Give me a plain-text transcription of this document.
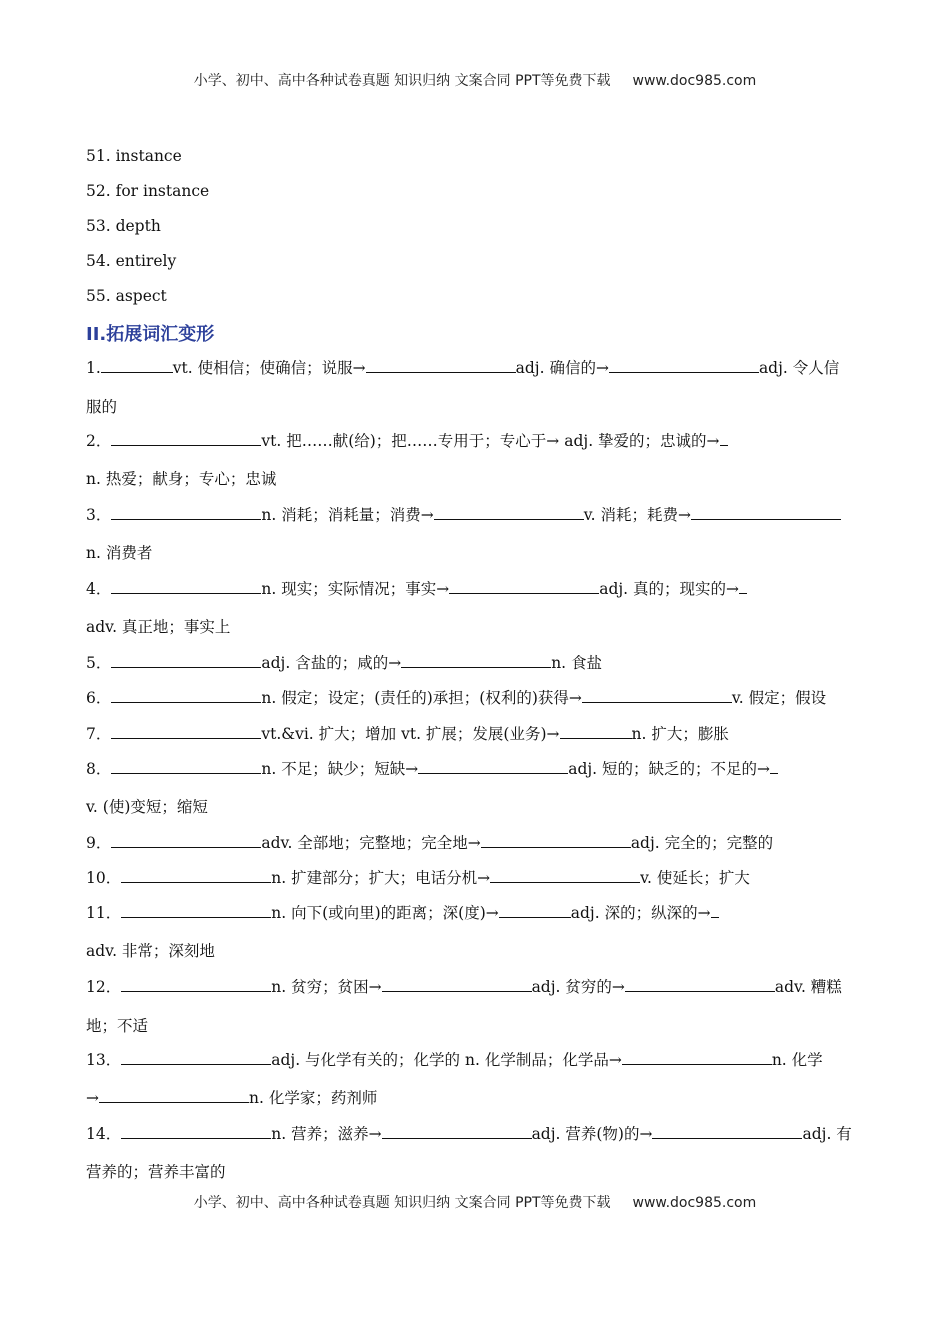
小学、初中、高中各种试卷真题 知识归纳 文案合同 PPT等免费下载 www.doc985.com
51. instance
52. for instance
53. depth
54. entirely
55. aspect
II.拓展词汇变形
1.	vt. 使相信；使确信；说服→	adj. 确信的→	adj. 令人信
服的
2．	vt. 把……献(给)；把……专用于；专心于→ adj. 挚爱的；忠诚的→
n. 热爱；献身；专心；忠诚
3．	n. 消耗；消耗量；消费→	v. 消耗；耗费→
n. 消费者
4．	n. 现实；实际情况；事实→	adj. 真的；现实的→
adv. 真正地；事实上
5．	adj. 含盐的；咸的→	n. 食盐
6．	n. 假定；设定；(责任的)承担；(权利的)获得→	v. 假定；假设
7．	vt.&vi. 扩大；增加 vt. 扩展；发展(业务)→	n. 扩大；膨胀
8．	n. 不足；缺少；短缺→	adj. 短的；缺乏的；不足的→
v. (使)变短；缩短
9．	adv. 全部地；完整地；完全地→	adj. 完全的；完整的
10．	n. 扩建部分；扩大；电话分机→	v. 使延长；扩大
11．	n. 向下(或向里)的距离；深(度)→	adj. 深的；纵深的→
adv. 非常；深刻地
12．	n. 贫穷；贫困→	adj. 贫穷的→	adv. 糟糕
地；不适
13．	adj. 与化学有关的；化学的 n. 化学制品；化学品→	n. 化学
→	n. 化学家；药剂师
14．	n. 营养；滋养→	adj. 营养(物)的→	adj. 有
营养的；营养丰富的
小学、初中、高中各种试卷真题 知识归纳 文案合同 PPT等免费下载 www.doc985.com
